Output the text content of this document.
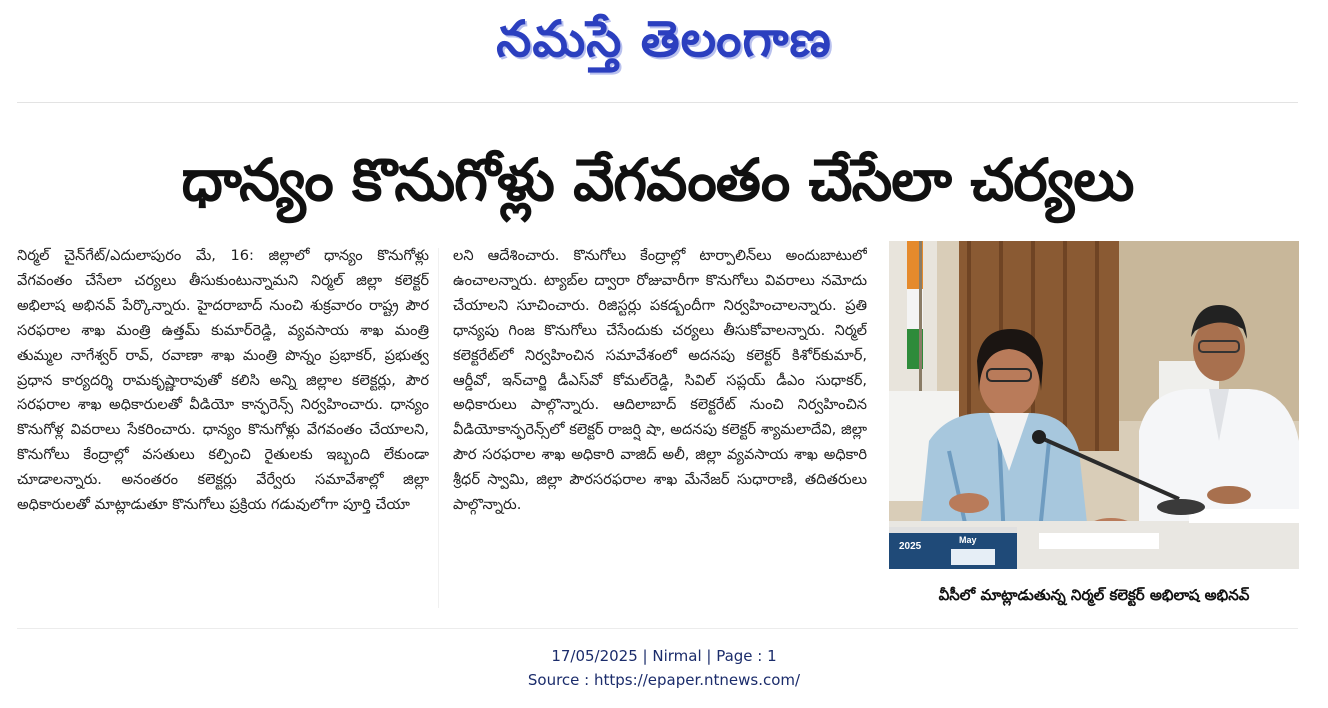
నమస్తే తెలంగాణ
ధాన్యం కొనుగోళ్లు వేగవంతం చేసేలా చర్యలు
నిర్మల్ చైన్‌గేట్/ఎదులాపురం మే, 16: జిల్లాలో ధాన్యం కొనుగోళ్లు వేగవంతం చేసేలా చర్యలు తీసుకుంటున్నామని నిర్మల్ జిల్లా కలెక్టర్ అభిలాష అభినవ్ పేర్కొన్నారు. హైదరాబాద్ నుంచి శుక్రవారం రాష్ట్ర పౌర సరఫరాల శాఖ మంత్రి ఉత్తమ్ కుమార్‌రెడ్డి, వ్యవసాయ శాఖ మంత్రి తుమ్మల నాగేశ్వర్ రావ్, రవాణా శాఖ మంత్రి పొన్నం ప్రభాకర్, ప్రభుత్వ ప్రధాన కార్యదర్శి రామకృష్ణారావుతో కలిసి అన్ని జిల్లాల కలెక్టర్లు, పౌర సరఫరాల శాఖ అధికారులతో వీడియో కాన్ఫరెన్స్ నిర్వహించారు. ధాన్యం కొనుగోళ్ల వివరాలు సేకరించారు. ధాన్యం కొనుగోళ్లు వేగవంతం చేయాలని, కొనుగోలు కేంద్రాల్లో వసతులు కల్పించి రైతులకు ఇబ్బంది లేకుండా చూడాలన్నారు. అనంతరం కలెక్టర్లు వేర్వేరు సమావేశాల్లో జిల్లా అధికారులతో మాట్లాడుతూ కొనుగోలు ప్రక్రియ గడువులోగా పూర్తి చేయా
లని ఆదేశించారు. కొనుగోలు కేంద్రాల్లో టార్పాలిన్‌లు అందుబాటులో ఉంచాలన్నారు. ట్యాబ్‌ల ద్వారా రోజువారీగా కొనుగోలు వివరాలు నమోదు చేయాలని సూచించారు. రిజిస్టర్లు పకడ్బందీగా నిర్వహించాలన్నారు. ప్రతి ధాన్యపు గింజ కొనుగోలు చేసేందుకు చర్యలు తీసుకోవాలన్నారు. నిర్మల్ కలెక్టరేట్‌లో నిర్వహించిన సమావేశంలో అదనపు కలెక్టర్ కిశోర్‌కుమార్, ఆర్డీవో, ఇన్‌చార్జి డీఎస్‌వో కోమల్‌రెడ్డి, సివిల్ సప్లయ్ డీఎం సుధాకర్, అధికారులు పాల్గొన్నారు. ఆదిలాబాద్ కలెక్టరేట్ నుంచి నిర్వహించిన వీడియోకాన్ఫరెన్స్‌లో కలెక్టర్ రాజర్షి షా, అదనపు కలెక్టర్ శ్యామలాదేవి, జిల్లా పౌర సరఫరాల శాఖ అధికారి వాజిద్ అలీ, జిల్లా వ్యవసాయ శాఖ అధికారి శ్రీధర్ స్వామి, జిల్లా పౌరసరఫరాల శాఖ మేనేజర్ సుధారాణి, తదితరులు పాల్గొన్నారు.
2025
May
వీసీలో మాట్లాడుతున్న నిర్మల్ కలెక్టర్ అభిలాష అభినవ్
17/05/2025 | Nirmal | Page : 1
Source : https://epaper.ntnews.com/
